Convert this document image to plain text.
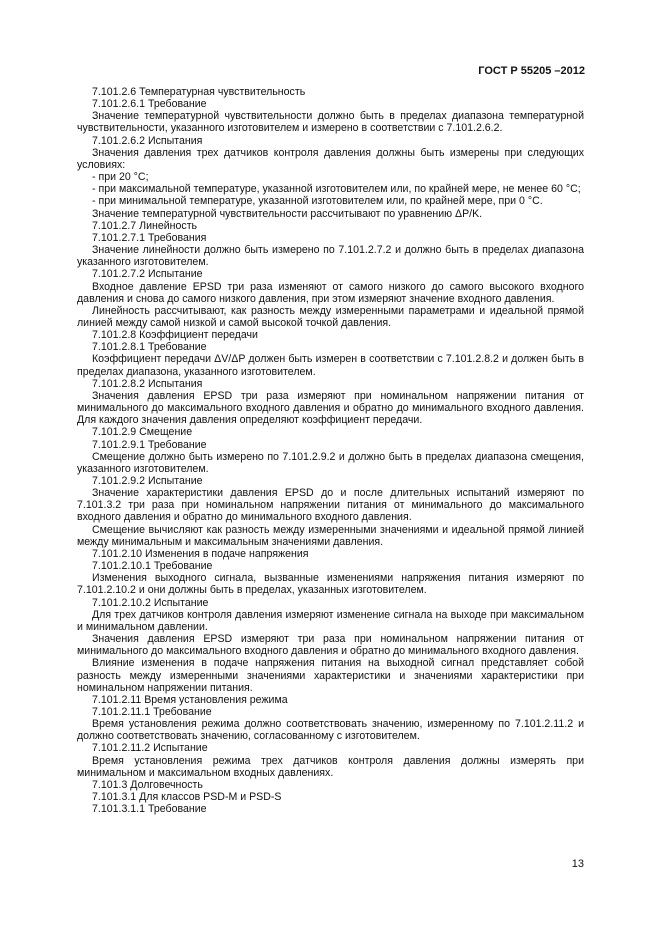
ГОСТ Р 55205 –2012

7.101.2.6 Температурная чувствительность

7.101.2.6.1 Требование

Значение температурной чувствительности должно быть в пределах диапазона температурной чувствительности, указанного изготовителем и измерено в соответствии с 7.101.2.6.2.

7.101.2.6.2 Испытания

Значения давления трех датчиков контроля давления должны быть измерены при следующих условиях:

- при 20 °С;

- при максимальной температуре, указанной изготовителем или, по крайней мере, не менее 60 °С;

- при минимальной температуре, указанной изготовителем или, по крайней мере, при 0 °С.

Значение температурной чувствительности рассчитывают по уравнению ΔP/K.

7.101.2.7 Линейность

7.101.2.7.1 Требования

Значение линейности должно быть измерено по 7.101.2.7.2 и должно быть в пределах диапазона указанного изготовителем.

7.101.2.7.2 Испытание

Входное давление EPSD три раза изменяют от самого низкого до самого высокого входного давления и снова до самого низкого давления, при этом измеряют значение входного давления.

Линейность рассчитывают, как разность между измеренными параметрами и идеальной прямой линией между самой низкой и самой высокой точкой давления.

7.101.2.8 Коэффициент передачи

7.101.2.8.1 Требование

Коэффициент передачи ΔV/ΔP должен быть измерен в соответствии с 7.101.2.8.2 и должен быть в пределах диапазона, указанного изготовителем.

7.101.2.8.2 Испытания

Значения давления EPSD три раза измеряют при номинальном напряжении питания от минимального до максимального входного давления и обратно до минимального входного давления. Для каждого значения давления определяют коэффициент передачи.

7.101.2.9 Смещение

7.101.2.9.1 Требование

Смещение должно быть измерено по 7.101.2.9.2 и должно быть в пределах диапазона смещения, указанного изготовителем.

7.101.2.9.2 Испытание

Значение характеристики давления EPSD до и после длительных испытаний измеряют по 7.101.3.2 три раза при номинальном напряжении питания от минимального до максимального входного давления и обратно до минимального входного давления.

Смещение вычисляют как разность между измеренными значениями и идеальной прямой линией между минимальным и максимальным значениями давления.

7.101.2.10 Изменения в подаче напряжения

7.101.2.10.1 Требование

Изменения выходного сигнала, вызванные изменениями напряжения питания измеряют по 7.101.2.10.2 и они должны быть в пределах, указанных изготовителем.

7.101.2.10.2 Испытание

Для трех датчиков контроля давления измеряют изменение сигнала на выходе при максимальном и минимальном давлении.

Значения давления EPSD измеряют три раза при номинальном напряжении питания от минимального до максимального входного давления и обратно до минимального входного давления.

Влияние изменения в подаче напряжения питания на выходной сигнал представляет собой разность между измеренными значениями характеристики и значениями характеристики при номинальном напряжении питания.

7.101.2.11 Время установления режима

7.101.2.11.1 Требование

Время установления режима должно соответствовать значению, измеренному по 7.101.2.11.2 и должно соответствовать значению, согласованному с изготовителем.

7.101.2.11.2 Испытание

Время установления режима трех датчиков контроля давления должны измерять при минимальном и максимальном входных давлениях.

7.101.3 Долговечность

7.101.3.1 Для классов PSD-M и PSD-S

7.101.3.1.1 Требование

13
